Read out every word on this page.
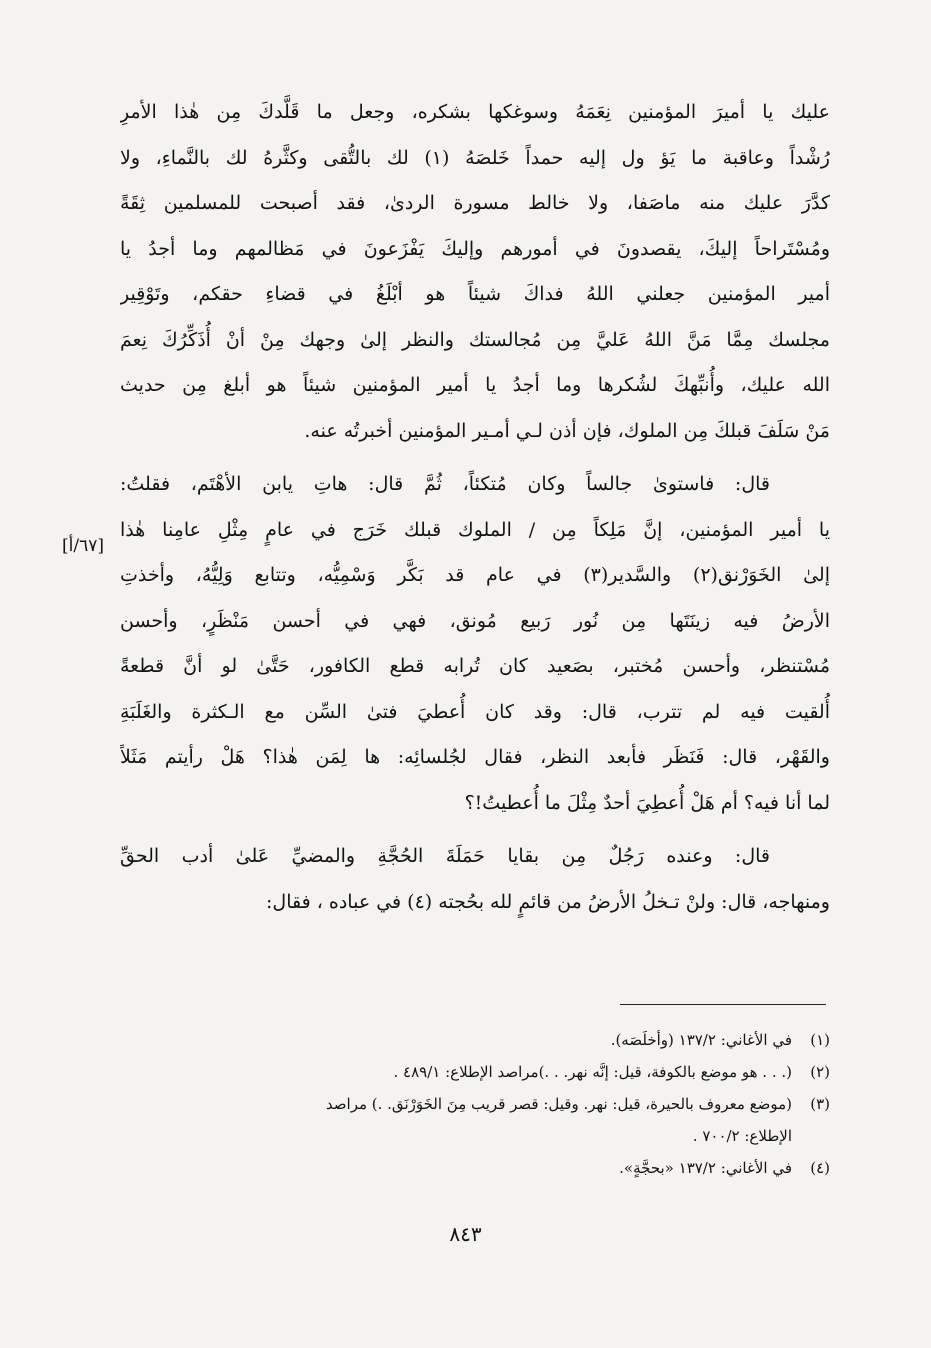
عليك يا أميرَ المؤمنين نِعَمَهُ وسوغكها بشكره، وجعل ما قَلَّدكَ مِن هٰذا الأمرِ
رُشْداً وعاقبة ما يَؤ ول إليه حمداً خَلصَهُ (١) لك بالتُّقى وكثَّرهُ لك بالنَّماءِ، ولا
كدَّرَ عليك منه ماصَفا، ولا خالط مسورة الردىٰ، فقد أصبحت للمسلمين ثِقَةً
ومُسْتَراحاً إليكَ، يقصدونَ في أمورهم وإليكَ يَفْزَعونَ في مَظالمهم وما أجدُ يا
أمير المؤمنين جعلني اللهُ فداكَ شيئاً هو أبْلَغُ في قضاءِ حقكم، وتَوْقِير
مجلسك مِمَّا مَنَّ اللهُ عَليَّ مِن مُجالستك والنظر إلىٰ وجهك مِنْ أنْ أُذَكِّرُكَ نِعمَ
الله عليك، وأُنبِّهكَ لشُكرها وما أجدُ يا أمير المؤمنين شيئاً هو أبلغ مِن حديث
مَنْ سَلَفَ قبلكَ مِن الملوك، فإن أذن لـي أمـير المؤمنين أخبرتُه عنه.
قال: فاستوىٰ جالساً وكان مُتكئاً، ثُمَّ قال: هاتِ يابن الأهْتَم، فقلتُ:
يا أمير المؤمنين، إنَّ مَلِكاً مِن / الملوك قبلك خَرَج في عامٍ مِثْلِ عامِنا هٰذا
إلىٰ الخَوَرْنق(٢) والسَّدير(٣) في عام قد بَكَّر وَسْمِيُّه، وتتابع وَلِيُّهُ، وأخذتِ
الأرضُ فيه زينَتَها مِن نُور رَبيع مُونق، فهي في أحسن مَنْظَرٍ، وأحسن
مُسْتنظر، وأحسن مُختبر، بصَعيد كان تُرابه قطع الكافور، حَتَّىٰ لو أنَّ قطعةً
أُلقيت فيه لم تترب، قال: وقد كان أُعطيَ فتىٰ السِّن مع الـكثرة والغَلَبَةِ
والقَهْر، قال: فَنَظَر فأبعد النظر، فقال لجُلسائِه: ها لِمَن هٰذا؟ هَلْ رأيتم مَثَلاً
لما أنا فيه؟ أم هَلْ أُعطِيَ أحدٌ مِثْلَ ما أُعطيتُ!؟
قال: وعنده رَجُلٌ مِن بقايا حَمَلَةَ الحُجَّةِ والمضيِّ عَلىٰ أدب الحقِّ
ومنهاجه، قال: ولنْ تـخلُ الأرضُ من قائمٍ لله بحُجته (٤) في عباده ، فقال:
[٦٧/أ]
(١)
في الأغاني: ١٣٧/٢ (وأخلَصَه).
(٢)
(. . . هو موضع بالكوفة، قيل: إنَّه نهر. . .)مراصد الإطلاع: ٤٨٩/١ .
(٣)
(موضع معروف بالحيرة، قيل: نهر. وقيل: قصر قريب مِنَ الخَوَرْنَق. .) مراصد
الإطلاع: ٧٠٠/٢ .
(٤)
في الأغاني: ١٣٧/٢ «بحجَّةٍ».
٨٤٣
